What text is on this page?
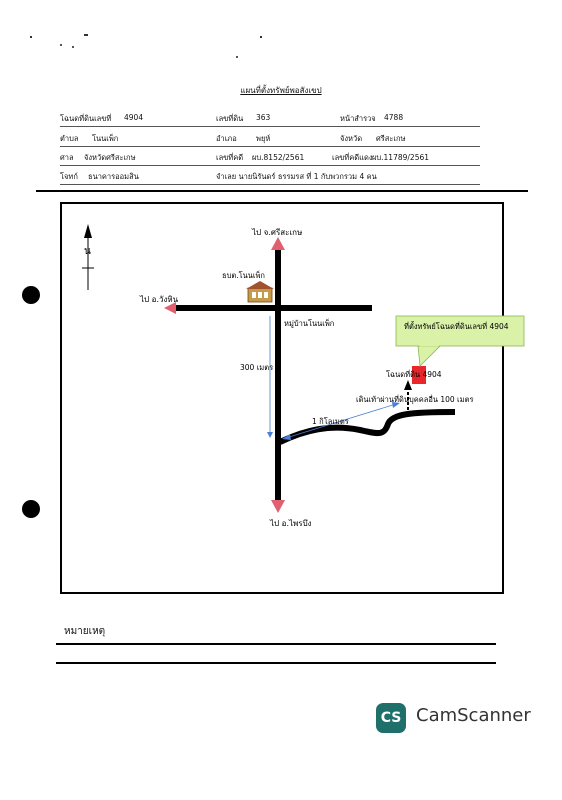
แผนที่ตั้งทรัพย์พอสังเขป
โฉนดที่ดินเลขที่ 4904	เลขที่ดิน 363	หน้าสำรวจ 4788
ตำบล โนนเพ็ก	อำเภอ	พยุห์	จังหวัด ศรีสะเกษ
ศาล จังหวัดศรีสะเกษ	เลขที่คดี ผบ.8152/2561	เลขที่คดีแดง ผบ.11789/2561
โจทก์ ธนาคารออมสิน	จำเลย นายนิรันดร์ ธรรมรส ที่ 1 กับพวกรวม 4 คน
น
ไป จ.ศรีสะเกษ
ไป อ.วังหิน
ไป อ.ไพรบึง
ธบต.โนนเพ็ก
หมู่บ้านโนนเพ็ก
300 เมตร
1 กิโลเมตร
เดินเท้าผ่านที่ดินบุคคลอื่น 100 เมตร
โฉนดที่ดิน 4904
ที่ตั้งทรัพย์โฉนดที่ดินเลขที่ 4904
หมายเหตุ
CS CamScanner
